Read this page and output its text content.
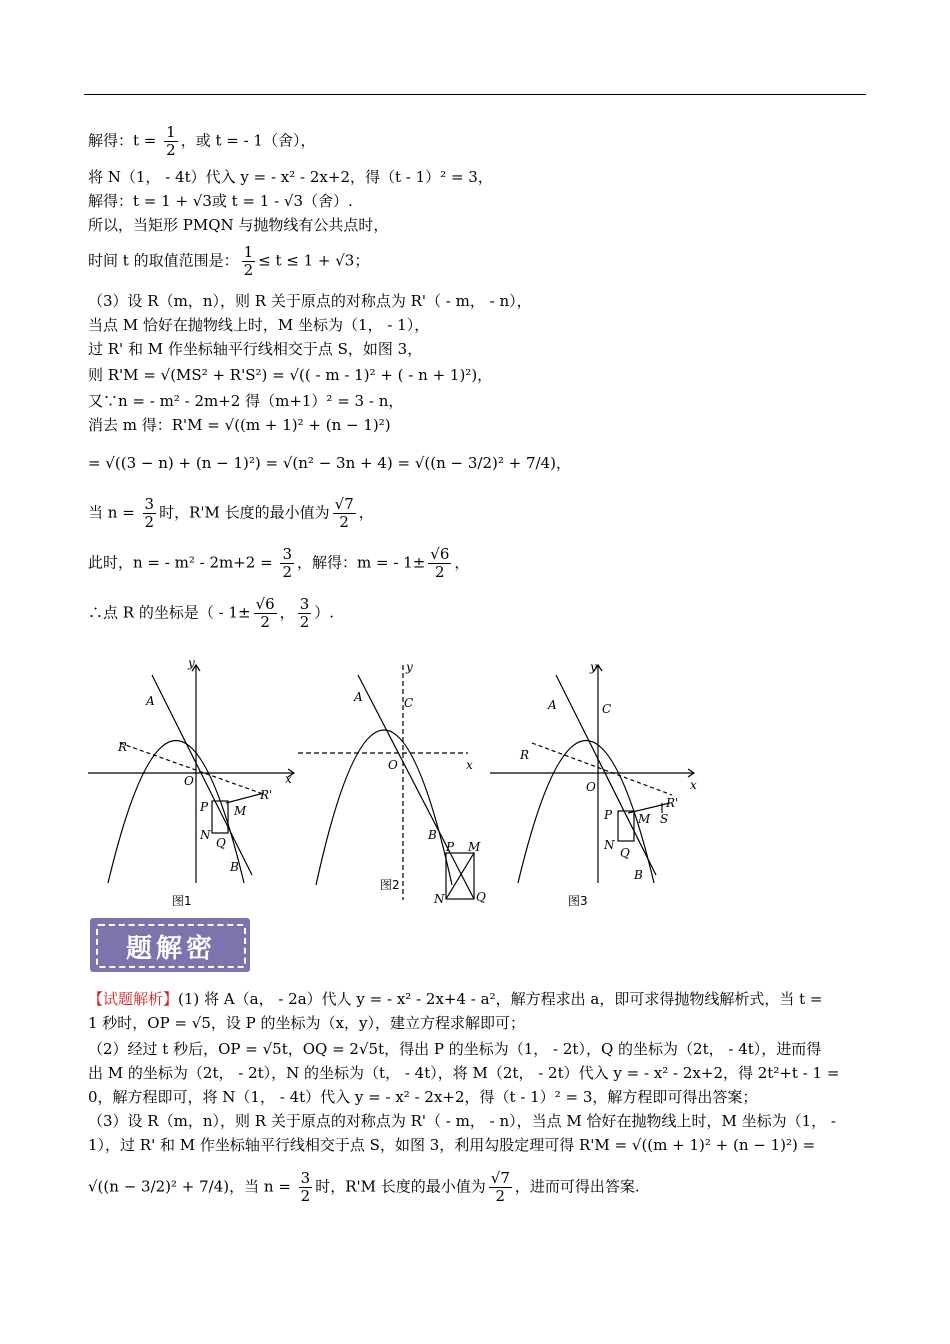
解得：$t = \frac{1}{2}$ ，或 t = - 1（舍），
将 N（1， - 4t）代入 y = - x² - 2x+2，得（t - 1）² = 3，
解得：t = 1 + √3或 t = 1 - √3（舍）.
所以，当矩形 PMQN 与抛物线有公共点时，
时间 t 的取值范围是： $\frac{1}{2} \le t \le 1 + √3$；
（3）设 R（m，n），则 R 关于原点的对称点为 R'（ - m， - n），
当点 M 恰好在抛物线上时，M 坐标为（1， - 1），
过 R' 和 M 作坐标轴平行线相交于点 S，如图 3，
则 R'M = √(MS² + R'S²) = √(( - m - 1)² + ( - n + 1)²)，
又∵n = - m² - 2m+2 得（m+1）² = 3 - n，
消去 m 得：R'M = √((m + 1)² + (n − 1)²)
= √((3 − n) + (n − 1)²) = √(n² − 3n + 4) = √((n − 3/2)² + 7/4)，
当 $n = \frac{3}{2}$ 时，R'M 长度的最小值为 $\frac{√7}{2}$ ，
此时，n = - $m^2 - 2m+2 = \frac{3}{2}$ ，解得：m = - $1\pm \frac{√6}{2}$ ，
∴点 R 的坐标是（ - $1\pm \frac{√6}{2}$ ， $\frac{3}{2}$ ）.
y
x
O
A
R
R'
P M
N
Q
B
y
x
O
A	C
B
P M
N	Q
y
x
O
A	C
R
R'
P M S
N
Q
B
图1
图2
图3
题解密
【试题解析】(1) 将 A（a， - 2a）代人 y = - x² - 2x+4 - a²，解方程求出 a，即可求得抛物线解析式，当 t =
1 秒时，OP = √5，设 P 的坐标为（x，y），建立方程求解即可；
（2）经过 t 秒后，OP = √5t，OQ = 2√5t，得出 P 的坐标为（1， - 2t），Q 的坐标为（2t， - 4t），进而得
出 M 的坐标为（2t， - 2t），N 的坐标为（t， - 4t），将 M（2t， - 2t）代入 y = - x² - 2x+2，得 2t²+t - 1 =
0，解方程即可，将 N（1， - 4t）代入 y = - x² - 2x+2，得（t - 1）² = 3，解方程即可得出答案；
（3）设 R（m，n），则 R 关于原点的对称点为 R'（ - m， - n），当点 M 恰好在抛物线上时，M 坐标为（1， -
1），过 R' 和 M 作坐标轴平行线相交于点 S，如图 3，利用勾股定理可得 R'M = √((m + 1)² + (n − 1)²) =
√((n − 3/2)² + 7/4)，当 $n = \frac{3}{2}$ 时，R'M 长度的最小值为 $\frac{√7}{2}$ ，进而可得出答案.
